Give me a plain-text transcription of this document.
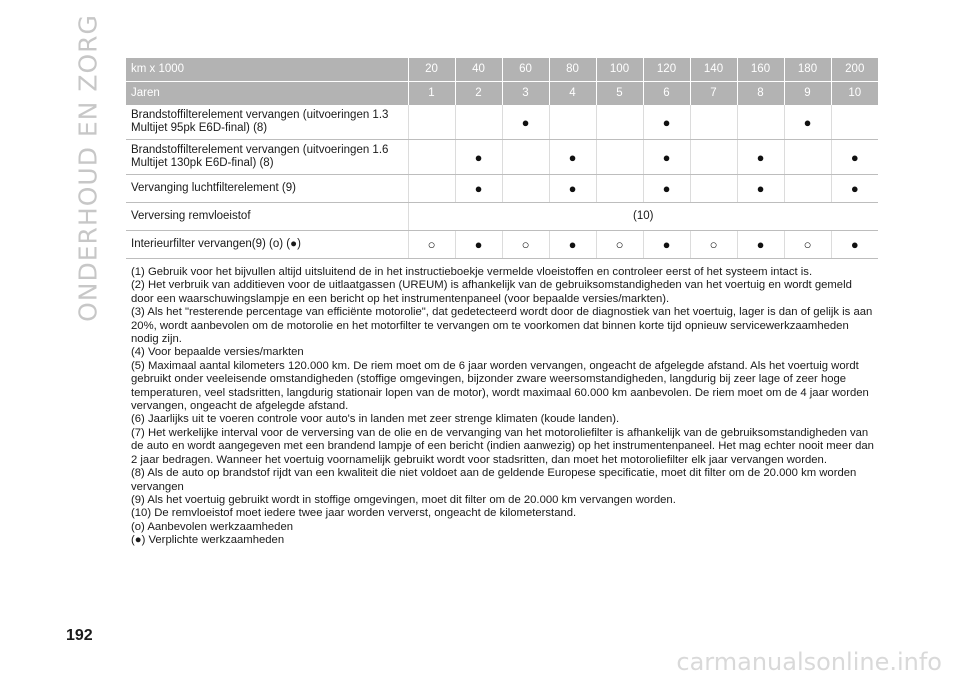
ONDERHOUD EN ZORG km x 1000	20	40	60	80	100	120	140	160	180	200
Jaren	1	2	3	4	5	6	7	8	9	10

Brandstoffilterelement vervangen (uitvoeringen 1.3
Multijet 95pk E6D-final) (8)			●			●			●	

Brandstoffilterelement vervangen (uitvoeringen 1.6
Multijet 130pk E6D-final) (8)		●		●		●		●		●
Vervanging luchtfilterelement (9)		●		●		●		●		●
Verversing remvloeistof	(10)									
Interieurfilter vervangen(9) (o) (●)	○	●	○	●	○	●	○	●	○	●

(1) Gebruik voor het bijvullen altijd uitsluitend de in het instructieboekje vermelde vloeistoffen en controleer eerst of het systeem intact is.

(2) Het verbruik van additieven voor de uitlaatgassen (UREUM) is afhankelijk van de gebruiksomstandigheden van het voertuig en wordt gemeld door een waarschuwingslampje en een bericht op het instrumentenpaneel (voor bepaalde versies/markten).

(3) Als het "resterende percentage van efficiënte motorolie", dat gedetecteerd wordt door de diagnostiek van het voertuig, lager is dan of gelijk is aan 20%, wordt aanbevolen om de motorolie en het motorfilter te vervangen om te voorkomen dat binnen korte tijd opnieuw servicewerkzaamheden nodig zijn.

(4) Voor bepaalde versies/markten

(5) Maximaal aantal kilometers 120.000 km. De riem moet om de 6 jaar worden vervangen, ongeacht de afgelegde afstand. Als het voertuig wordt gebruikt onder veeleisende omstandigheden (stoffige omgevingen, bijzonder zware weersomstandigheden, langdurig bij zeer lage of zeer hoge temperaturen, veel stadsritten, langdurig stationair lopen van de motor), wordt maximaal 60.000 km aanbevolen. De riem moet om de 4 jaar worden vervangen, ongeacht de afgelegde afstand.

(6) Jaarlijks uit te voeren controle voor auto's in landen met zeer strenge klimaten (koude landen).

(7) Het werkelijke interval voor de verversing van de olie en de vervanging van het motoroliefilter is afhankelijk van de gebruiksomstandigheden van de auto en wordt aangegeven met een brandend lampje of een bericht (indien aanwezig) op het instrumentenpaneel. Het mag echter nooit meer dan 2 jaar bedragen. Wanneer het voertuig voornamelijk gebruikt wordt voor stadsritten, dan moet het motoroliefilter elk jaar vervangen worden.

(8) Als de auto op brandstof rijdt van een kwaliteit die niet voldoet aan de geldende Europese specificatie, moet dit filter om de 20.000 km worden vervangen

(9) Als het voertuig gebruikt wordt in stoffige omgevingen, moet dit filter om de 20.000 km vervangen worden.

(10) De remvloeistof moet iedere twee jaar worden ververst, ongeacht de kilometerstand.

(o) Aanbevolen werkzaamheden

(●) Verplichte werkzaamheden

192
carmanualsonline.info
